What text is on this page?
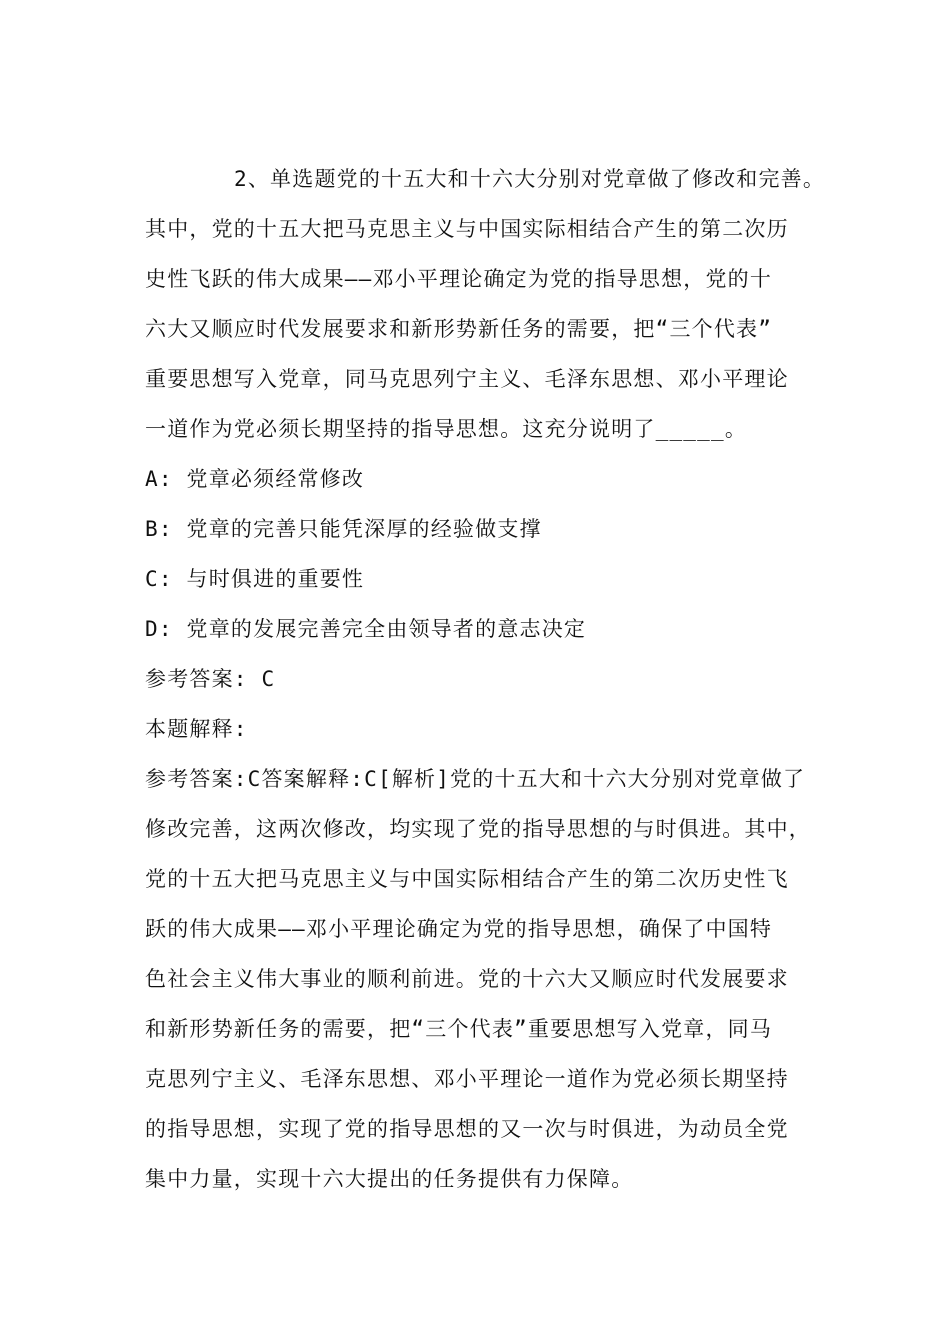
2、单选题党的十五大和十六大分别对党章做了修改和完善。
其中，党的十五大把马克思主义与中国实际相结合产生的第二次历
史性飞跃的伟大成果——邓小平理论确定为党的指导思想，党的十
六大又顺应时代发展要求和新形势新任务的需要，把“三个代表”
重要思想写入党章，同马克思列宁主义、毛泽东思想、邓小平理论
一道作为党必须长期坚持的指导思想。这充分说明了_____。
A: 党章必须经常修改
B: 党章的完善只能凭深厚的经验做支撑
C: 与时俱进的重要性
D: 党章的发展完善完全由领导者的意志决定
参考答案: C
本题解释:
参考答案:C答案解释:C[解析]党的十五大和十六大分别对党章做了
修改完善，这两次修改，均实现了党的指导思想的与时俱进。其中，
党的十五大把马克思主义与中国实际相结合产生的第二次历史性飞
跃的伟大成果——邓小平理论确定为党的指导思想，确保了中国特
色社会主义伟大事业的顺利前进。党的十六大又顺应时代发展要求
和新形势新任务的需要，把“三个代表”重要思想写入党章，同马
克思列宁主义、毛泽东思想、邓小平理论一道作为党必须长期坚持
的指导思想，实现了党的指导思想的又一次与时俱进，为动员全党
集中力量，实现十六大提出的任务提供有力保障。
